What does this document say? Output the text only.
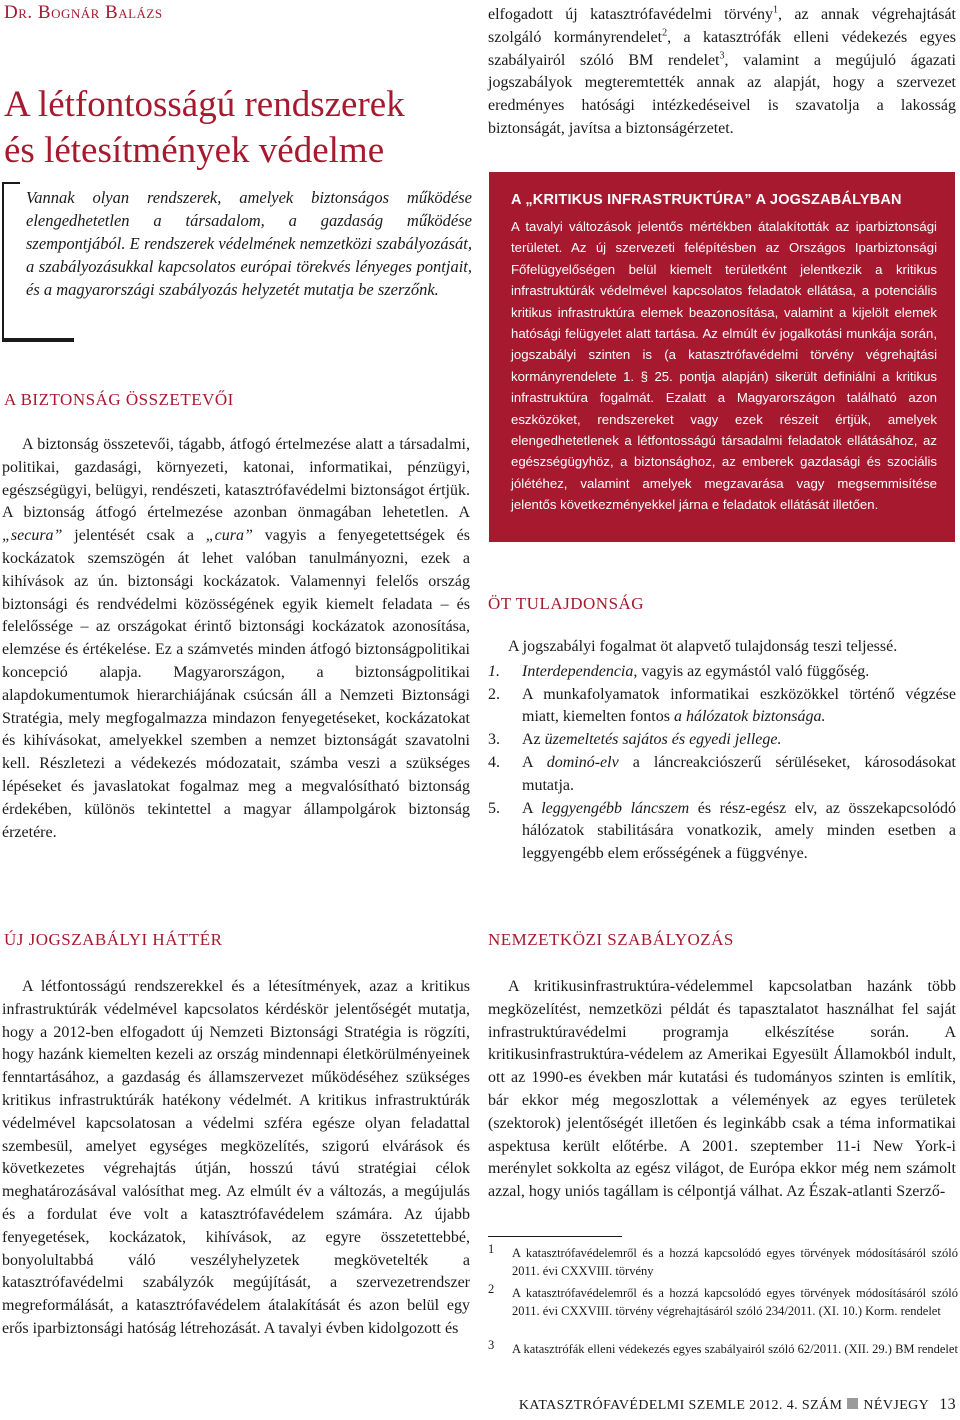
Dr. Bognár Balázs
A létfontosságú rendszerek
és létesítmények védelme

Vannak olyan rendszerek, amelyek biztonságos működése elengedhetetlen a társadalom, a gazdaság működése szempontjából. E rendszerek védelmének nemzetközi szabályozását, a szabályozásukkal kapcsolatos európai törekvés lényeges pontjait, és a magyarországi szabályozás helyzetét mutatja be szerzőnk.

A BIZTONSÁG ÖSSZETEVŐI

A biztonság összetevői, tágabb, átfogó értelmezése alatt a társadalmi, politikai, gazdasági, környezeti, katonai, informatikai, pénzügyi, egészségügyi, belügyi, rendészeti, katasztrófavédelmi biztonságot értjük. A biztonság átfogó értelmezése azonban önmagában lehetetlen. A „secura” jelentését csak a „cura” vagyis a fenyegetettségek és kockázatok szemszögén át lehet valóban tanulmányozni, ezek a kihívások az ún. biztonsági kockázatok. Valamennyi felelős ország biztonsági és rendvédelmi közösségének egyik kiemelt feladata – és felelőssége – az országokat érintő biztonsági kockázatok azonosítása, elemzése és értékelése. Ez a számvetés minden átfogó biztonságpolitikai koncepció alapja. Magyarországon, a biztonságpolitikai alapdokumentumok hierarchiájának csúcsán áll a Nemzeti Biztonsági Stratégia, mely megfogalmazza mindazon fenyegetéseket, kockázatokat és kihívásokat, amelyekkel szemben a nemzet biztonságát szavatolni kell. Részletezi a védekezés módozatait, számba veszi a szükséges lépéseket és javaslatokat fogalmaz meg a megvalósítható biztonság érdekében, különös tekintettel a magyar állampolgárok biztonság érzetére.

ÚJ JOGSZABÁLYI HÁTTÉR

A létfontosságú rendszerekkel és a létesítmények, azaz a kritikus infrastruktúrák védelmével kapcsolatos kérdéskör jelentőségét mutatja, hogy a 2012-ben elfogadott új Nemzeti Biztonsági Stratégia is rögzíti, hogy hazánk kiemelten kezeli az ország mindennapi életkörülményeinek fenntartásához, a gazdaság és államszervezet működéséhez szükséges kritikus infrastruktúrák hatékony védelmét. A kritikus infrastruktúrák védelmével kapcsolatosan a védelmi szféra egésze olyan feladattal szembesül, amelyet egységes megközelítés, szigorú elvárások és következetes végrehajtás útján, hosszú távú stratégiai célok meghatározásával valósíthat meg. Az elmúlt év a változás, a megújulás és a fordulat éve volt a katasztrófavédelem számára. Az újabb fenyegetések, kockázatok, kihívások, az egyre összetettebbé, bonyolultabbá váló veszélyhelyzetek megkövetelték a katasztrófavédelmi szabályzók megújítását, a szervezetrendszer megreformálását, a katasztrófavédelem átalakítását és azon belül egy erős iparbiztonsági hatóság létrehozását. A tavalyi évben kidolgozott és

elfogadott új katasztrófavédelmi törvény$^1$, az annak végrehajtását szolgáló kormányrendelet$^2$, a katasztrófák elleni védekezés egyes szabályairól szóló BM rendelet$^3$, valamint a megújuló ágazati jogszabályok megteremtették annak az alapját, hogy a szervezet eredményes hatósági intézkedéseivel is szavatolja a lakosság biztonságát, javítsa a biztonságérzetet.

A „KRITIKUS INFRASTRUKTÚRA” A JOGSZABÁLYBAN

A tavalyi változások jelentős mértékben átalakították az iparbiztonsági területet. Az új szervezeti felépítésben az Országos Iparbiztonsági Főfelügyelőségen belül kiemelt területként jelentkezik a kritikus infrastruktúrák védelmével kapcsolatos feladatok ellátása, a potenciális kritikus infrastruktúra elemek beazonosítása, valamint a kijelölt elemek hatósági felügyelet alatt tartása. Az elmúlt év jogalkotási munkája során, jogszabályi szinten is (a katasztrófavédelmi törvény végrehajtási kormányrendelete 1. § 25. pontja alapján) sikerült definiálni a kritikus infrastruktúra fogalmát. Ezalatt a Magyarországon található azon eszközöket, rendszereket vagy ezek részeit értjük, amelyek elengedhetetlenek a létfontosságú társadalmi feladatok ellátásához, az egészségügyhöz, a biztonsághoz, az emberek gazdasági és szociális jólétéhez, valamint amelyek megzavarása vagy megsemmisítése jelentős következményekkel járna e feladatok ellátását illetően.

ÖT TULAJDONSÁG

A jogszabályi fogalmat öt alapvető tulajdonság teszi teljessé.

1. Interdependencia, vagyis az egymástól való függőség.
2. A munkafolyamatok informatikai eszközökkel történő végzése miatt, kiemelten fontos a hálózatok biztonsága.
3. Az üzemeltetés sajátos és egyedi jellege.
4. A dominó-elv a láncreakciószerű sérüléseket, károsodásokat mutatja.
5. A leggyengébb láncszem és rész-egész elv, az összekapcsolódó hálózatok stabilitására vonatkozik, amely minden esetben a leggyengébb elem erősségének a függvénye.
NEMZETKÖZI SZABÁLYOZÁS

A kritikusinfrastruktúra-védelemmel kapcsolatban hazánk több megközelítést, nemzetközi példát és tapasztalatot használhat fel saját infrastruktúravédelmi programja elkészítése során. A kritikusinfrastruktúra-védelem az Amerikai Egyesült Államokból indult, ott az 1990-es években már kutatási és tudományos szinten is említik, bár ekkor még megoszlottak a vélemények az egyes területek (szektorok) jelentőségét illetően és leginkább csak a téma informatikai aspektusa került előtérbe. A 2001. szeptember 11-i New York-i merénylet sokkolta az egész világot, de Európa ekkor még nem számolt azzal, hogy uniós tagállam is célpontjá válhat. Az Észak-atlanti Szerző-

1 A katasztrófavédelemről és a hozzá kapcsolódó egyes törvények módosításáról szóló 2011. évi CXXVIII. törvény
2 A katasztrófavédelemről és a hozzá kapcsolódó egyes törvények módosításáról szóló 2011. évi CXXVIII. törvény végrehajtásáról szóló 234/2011. (XI. 10.) Korm. rendelet
3 A katasztrófák elleni védekezés egyes szabályairól szóló 62/2011. (XII. 29.) BM rendelet
KATASZTRÓFAVÉDELMI SZEMLE 2012. 4. SZÁM NÉVJEGY 13
